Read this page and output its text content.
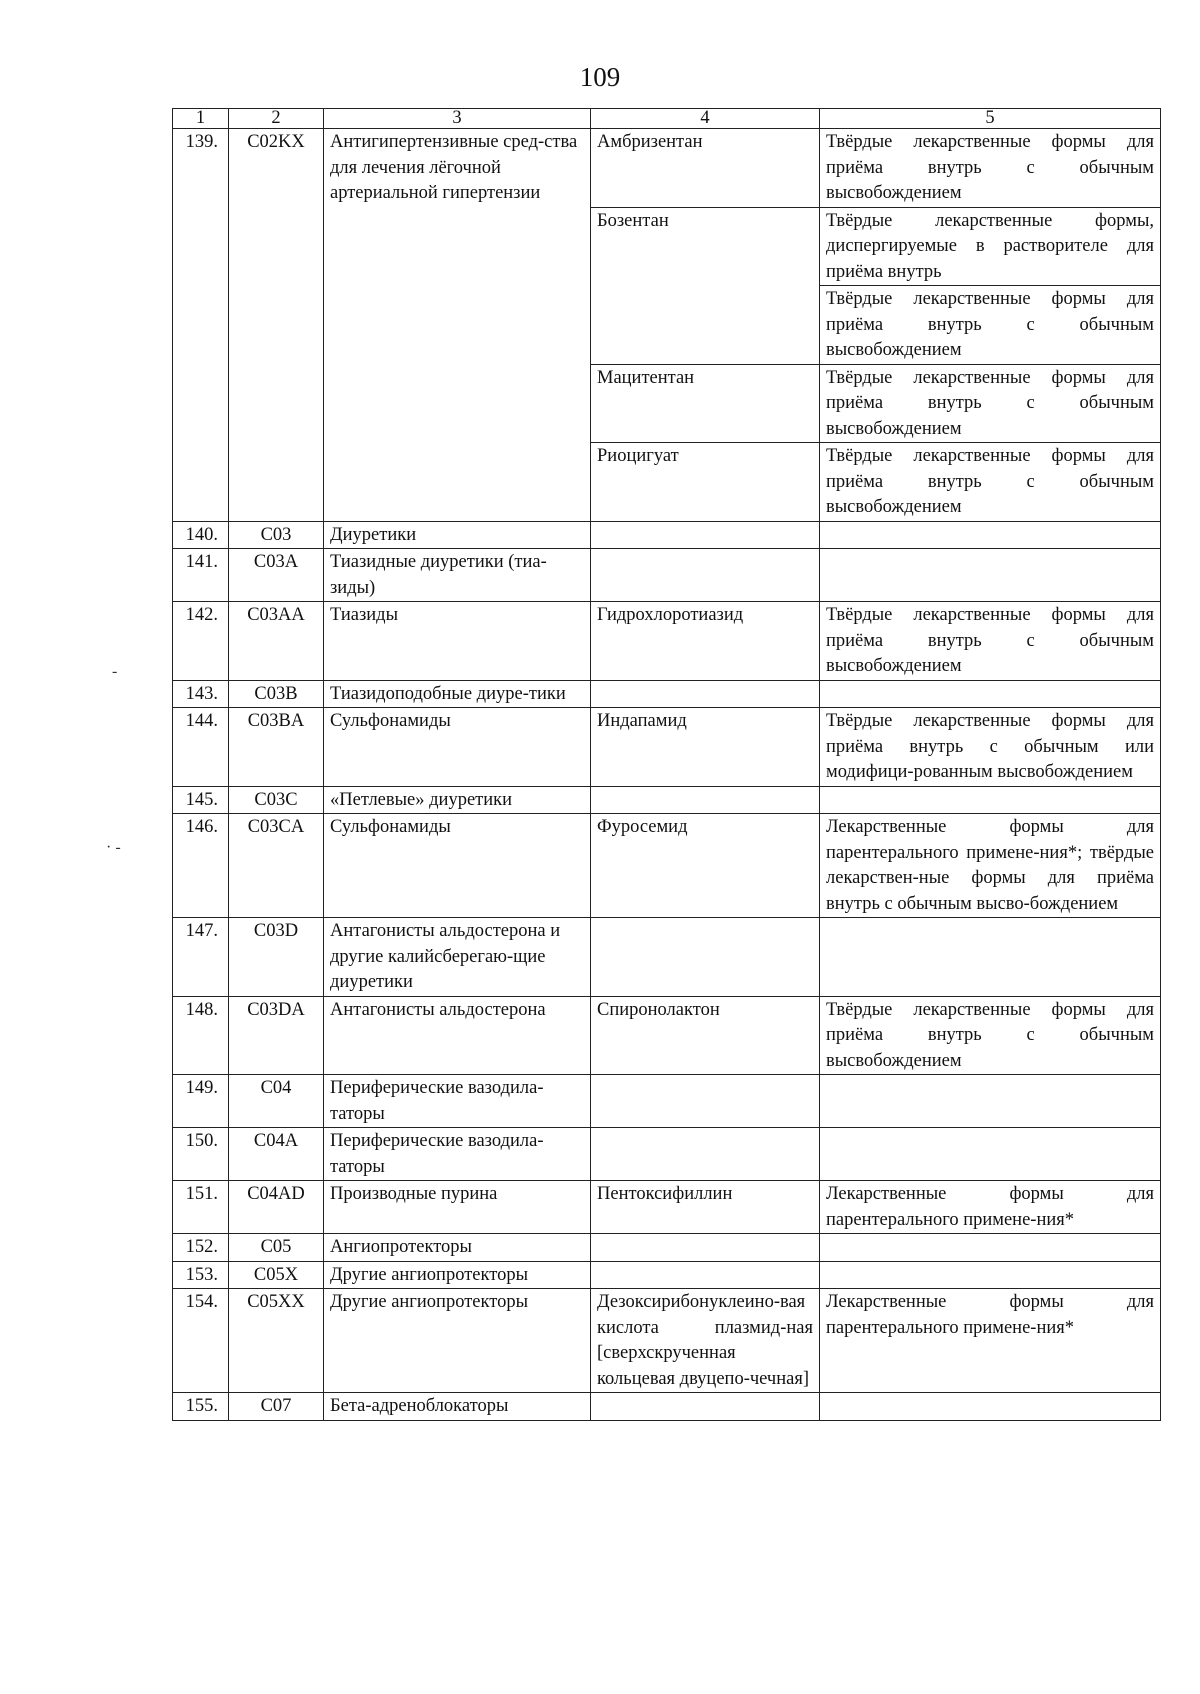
109
1	2	3	4	5
139.	C02KX	Антигипертензивные сред-ства для лечения лёгочной артериальной гипертензии	Амбризентан	Твёрдые лекарственные формы для приёма внутрь с обычным высвобождением
			Бозентан	Твёрдые лекарственные формы, диспергируемые в растворителе для приёма внутрь
				Твёрдые лекарственные формы для приёма внутрь с обычным высвобождением
			Мацитентан	Твёрдые лекарственные формы для приёма внутрь с обычным высвобождением
			Риоцигуат	Твёрдые лекарственные формы для приёма внутрь с обычным высвобождением
140.	C03	Диуретики		
141.	C03A	Тиазидные диуретики (тиа-зиды)		
142.	C03AA	Тиазиды	Гидрохлоротиазид	Твёрдые лекарственные формы для приёма внутрь с обычным высвобождением
143.	C03B	Тиазидоподобные диуре-тики		
144.	C03BA	Сульфонамиды	Индапамид	Твёрдые лекарственные формы для приёма внутрь с обычным или модифици-рованным высвобождением
145.	C03C	«Петлевые» диуретики		
146.	C03CA	Сульфонамиды	Фуросемид	Лекарственные формы для парентерального примене-ния*; твёрдые лекарствен-ные формы для приёма внутрь с обычным высво-бождением
147.	C03D	Антагонисты альдостерона и другие калийсберегаю-щие диуретики		
148.	C03DA	Антагонисты альдостерона	Спиронолактон	Твёрдые лекарственные формы для приёма внутрь с обычным высвобождением
149.	C04	Периферические вазодила-таторы		
150.	C04A	Периферические вазодила-таторы		
151.	C04AD	Производные пурина	Пентоксифиллин	Лекарственные формы для парентерального примене-ния*
152.	C05	Ангиопротекторы		
153.	C05X	Другие ангиопротекторы		
154.	C05XX	Другие ангиопротекторы	Дезоксирибонуклеино-вая кислота плазмид-ная [сверхскрученная кольцевая двуцепо-чечная]	Лекарственные формы для парентерального примене-ния*
155.	C07	Бета-адреноблокаторы		
-
· -
